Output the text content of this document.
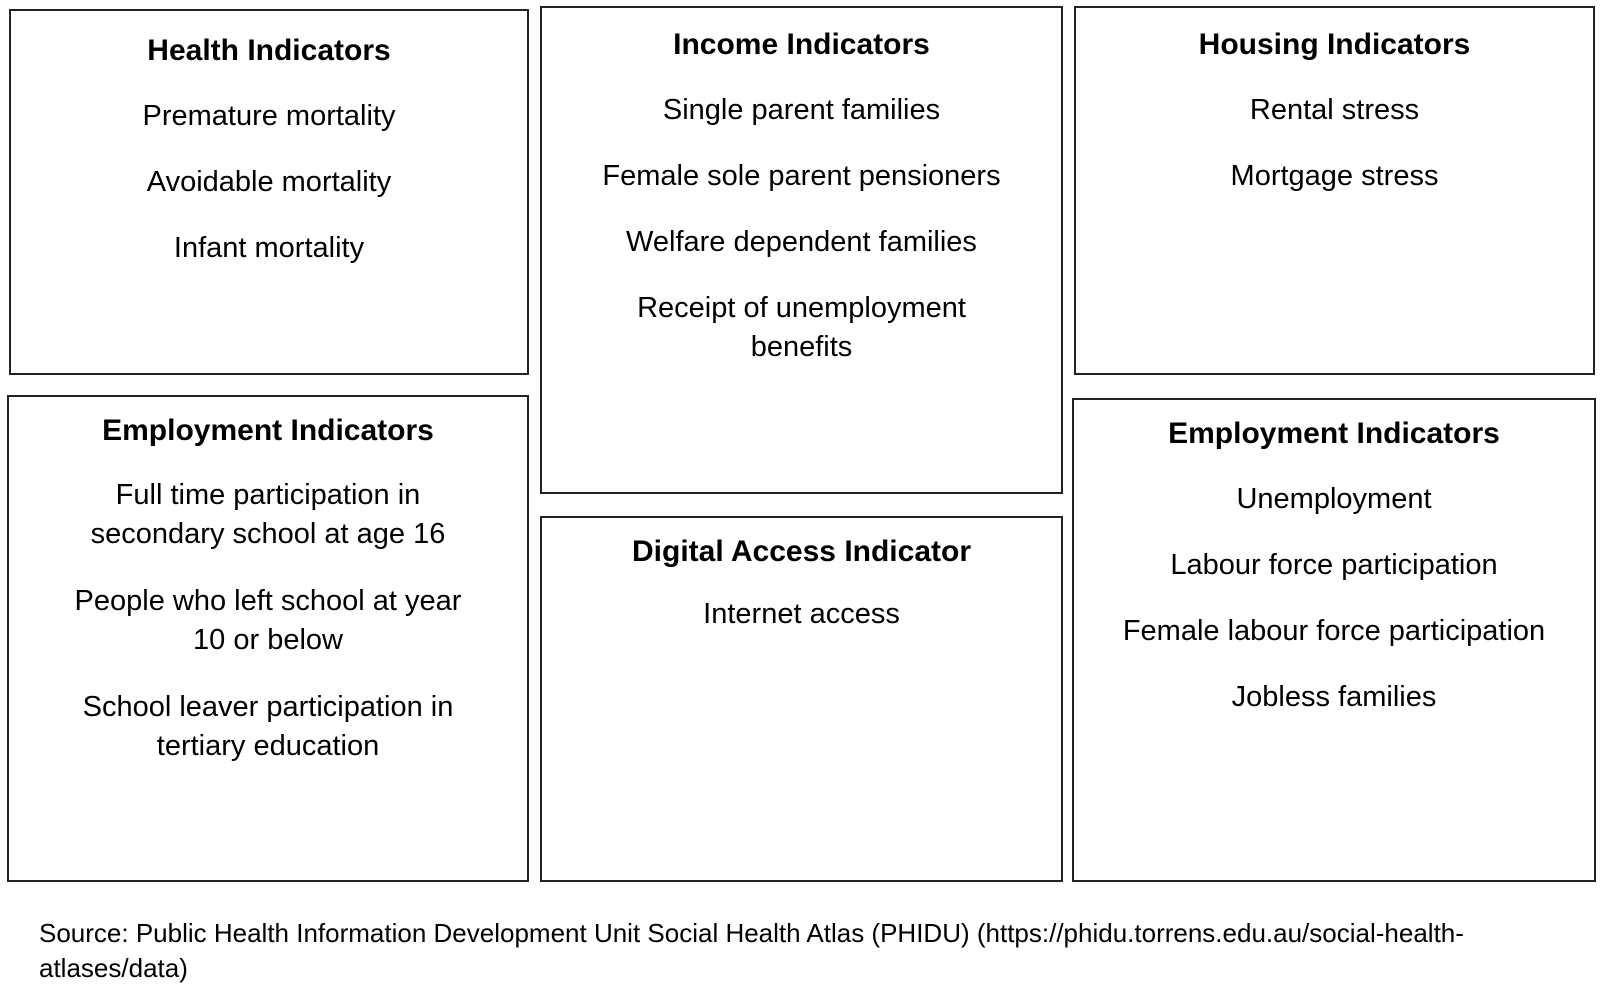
Health Indicators

Premature mortality
Avoidable mortality
Infant mortality

Income Indicators

Single parent families
Female sole parent pensioners
Welfare dependent families
Receipt of unemployment benefits

Housing Indicators

Rental stress
Mortgage stress

Employment Indicators

Full time participation in secondary school at age 16
People who left school at year 10 or below
School leaver participation in tertiary education

Digital Access Indicator

Internet access

Employment Indicators

Unemployment
Labour force participation
Female labour force participation
Jobless families

Source: Public Health Information Development Unit Social Health Atlas (PHIDU) (https://phidu.torrens.edu.au/social-health-atlases/data)
